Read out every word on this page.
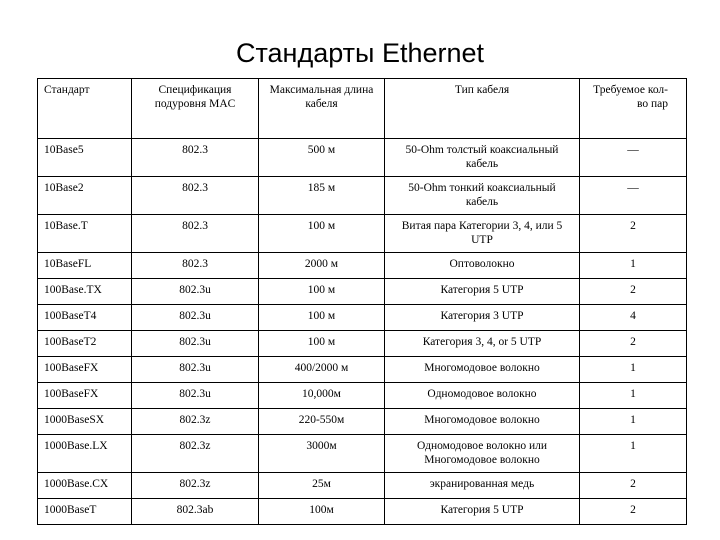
Стандарты Ethernet
Стандарт	Спецификация подуровня MAC	Максимальная длина кабеля	Тип кабеля	Требуемое кол-во пар
10Base5	802.3	500 м	50-Ohm толстый коаксиальный кабель	—
10Base2	802.3	185 м	50-Ohm тонкий коаксиальный кабель	—
10Base.T	802.3	100 м	Витая пара Категории 3, 4, или 5 UTP	2
10BaseFL	802.3	2000 м	Оптоволокно	1
100Base.TX	802.3u	100 м	Категория 5 UTP	2
100BaseT4	802.3u	100 м	Категория 3 UTP	4
100BaseT2	802.3u	100 м	Категория 3, 4, or 5 UTP	2
100BaseFX	802.3u	400/2000 м	Многомодовое волокно	1
100BaseFX	802.3u	10,000м	Одномодовое волокно	1
1000BaseSX	802.3z	220-550м	Многомодовое волокно	1
1000Base.LX	802.3z	3000м	Одномодовое волокно или Многомодовое волокно	1
1000Base.CX	802.3z	25м	экранированная медь	2
1000BaseT	802.3ab	100м	Категория 5 UTP	2
